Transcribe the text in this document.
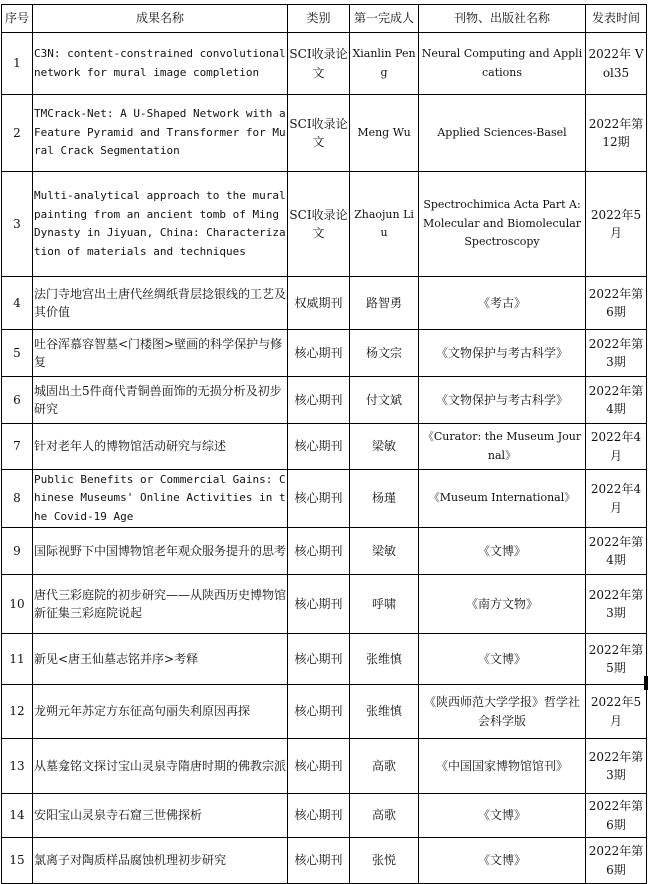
序号	成果名称	类别	第一完成人	刊物、出版社名称	发表时间
1	C3N: content-constrained convolutional network for mural image completion	SCI收录论文	Xianlin Peng	Neural Computing and Applications	2022年 Vol35
2	TMCrack-Net: A U-Shaped Network with a Feature Pyramid and Transformer for Mural Crack Segmentation	SCI收录论文	Meng Wu	Applied Sciences-Basel	2022年第12期
3	Multi-analytical approach to the mural painting from an ancient tomb of Ming Dynasty in Jiyuan, China: Characterization of materials and techniques	SCI收录论文	Zhaojun Liu	Spectrochimica Acta Part A: Molecular and Biomolecular Spectroscopy	2022年5月
4	法门寺地宫出土唐代丝绸纸背层捻银线的工艺及其价值	权威期刊	路智勇	《考古》	2022年第6期
5	吐谷浑慕容智墓<门楼图>壁画的科学保护与修复	核心期刊	杨文宗	《文物保护与考古科学》	2022年第3期
6	城固出土5件商代青铜兽面饰的无损分析及初步研究	核心期刊	付文斌	《文物保护与考古科学》	2022年第4期
7	针对老年人的博物馆活动研究与综述	核心期刊	梁敏	《Curator: the Museum Journal》	2022年4月
8	Public Benefits or Commercial Gains: Chinese Museums' Online Activities in the Covid-19 Age	核心期刊	杨瑾	《Museum International》	2022年4月
9	国际视野下中国博物馆老年观众服务提升的思考	核心期刊	梁敏	《文博》	2022年第4期
10	唐代三彩庭院的初步研究——从陕西历史博物馆新征集三彩庭院说起	核心期刊	呼啸	《南方文物》	2022年第3期
11	新见<唐王仙墓志铭并序>考释	核心期刊	张维慎	《文博》	2022年第5期
12	龙朔元年苏定方东征高句丽失利原因再探	核心期刊	张维慎	《陕西师范大学学报》哲学社会科学版	2022年5月
13	从墓龛铭文探讨宝山灵泉寺隋唐时期的佛教宗派	核心期刊	高歌	《中国国家博物馆馆刊》	2022年第3期
14	安阳宝山灵泉寺石窟三世佛探析	核心期刊	高歌	《文博》	2022年第6期
15	氯离子对陶质样品腐蚀机理初步研究	核心期刊	张悦	《文博》	2022年第6期
